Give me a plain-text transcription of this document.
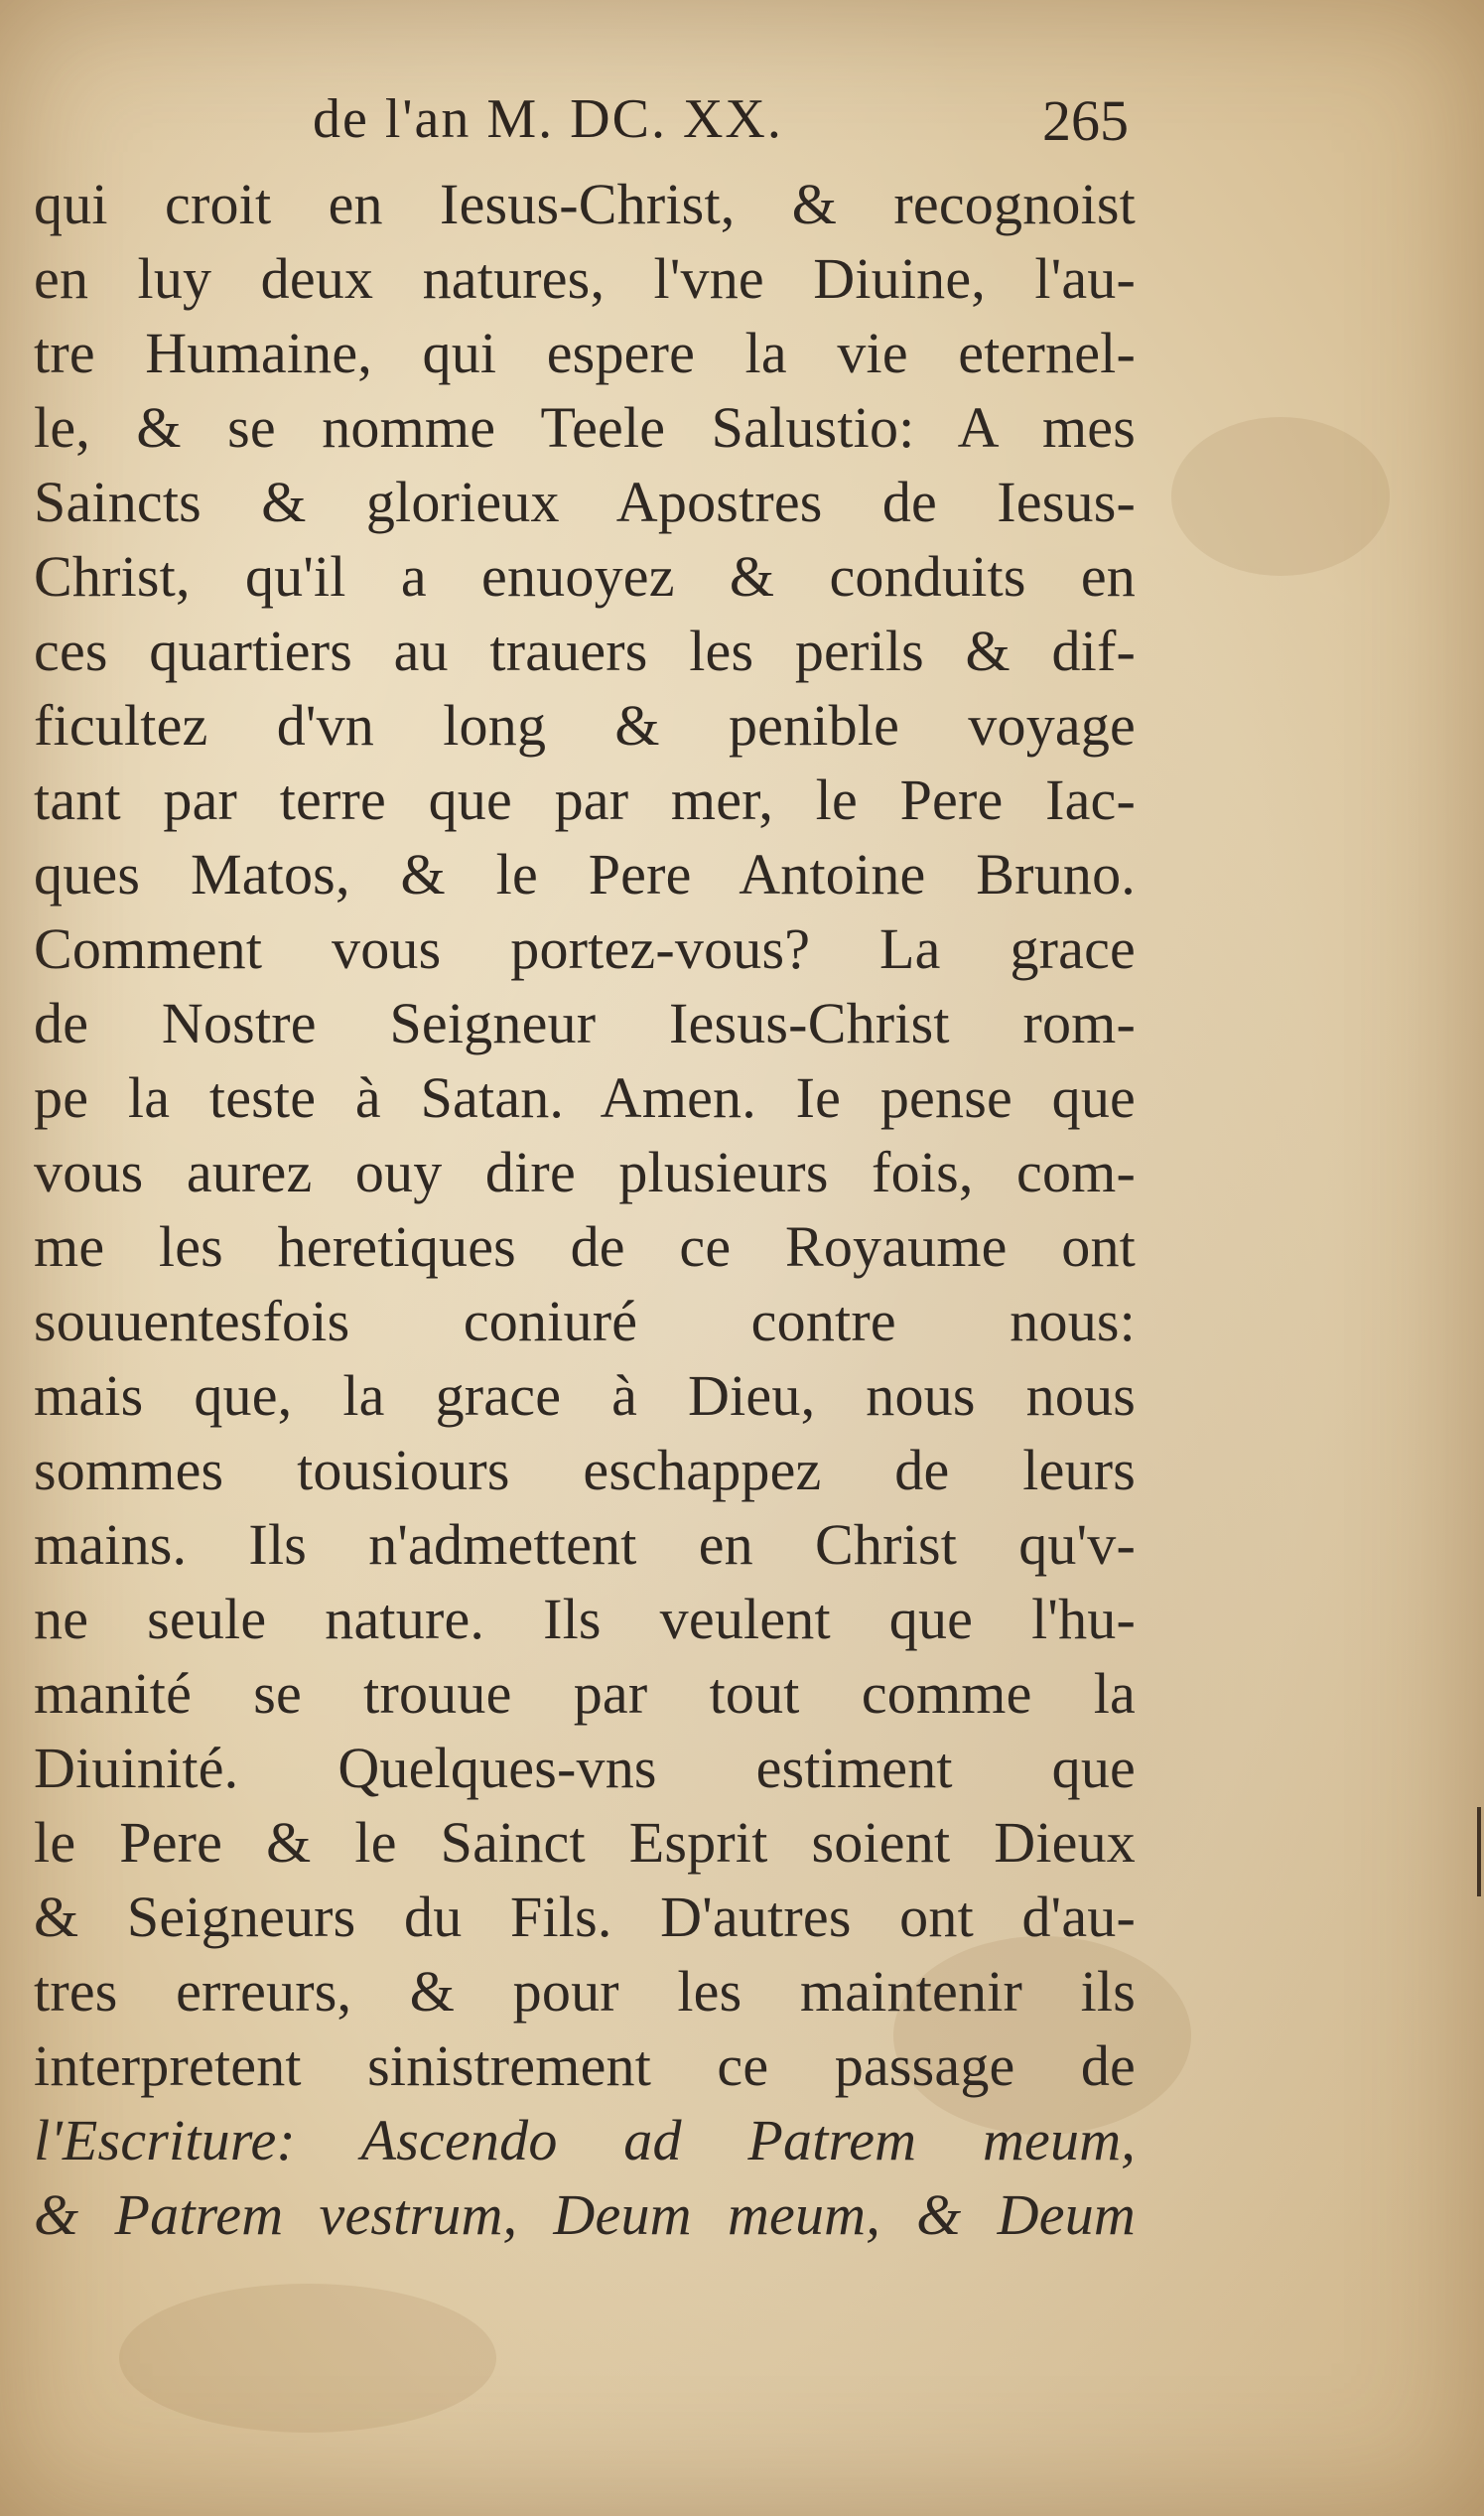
de l'an M. DC. XX.	265
qui croit en Iesus-Christ, & recognoist
en luy deux natures, l'vne Diuine, l'au-
tre Humaine, qui espere la vie eternel-
le, & se nomme Teele Salustio: A mes
Saincts & glorieux Apostres de Iesus-
Christ, qu'il a enuoyez & conduits en
ces quartiers au trauers les perils & dif-
ficultez d'vn long & penible voyage
tant par terre que par mer, le Pere Iac-
ques Matos, & le Pere Antoine Bruno.
Comment vous portez-vous? La grace
de Nostre Seigneur Iesus-Christ rom-
pe la teste à Satan. Amen. Ie pense que
vous aurez ouy dire plusieurs fois, com-
me les heretiques de ce Royaume ont
souuentesfois coniuré contre nous:
mais que, la grace à Dieu, nous nous
sommes tousiours eschappez de leurs
mains. Ils n'admettent en Christ qu'v-
ne seule nature. Ils veulent que l'hu-
manité se trouue par tout comme la
Diuinité. Quelques-vns estiment que
le Pere & le Sainct Esprit soient Dieux
& Seigneurs du Fils. D'autres ont d'au-
tres erreurs, & pour les maintenir ils
interpretent sinistrement ce passage de
l'Escriture: Ascendo ad Patrem meum,
& Patrem vestrum, Deum meum, & Deum
